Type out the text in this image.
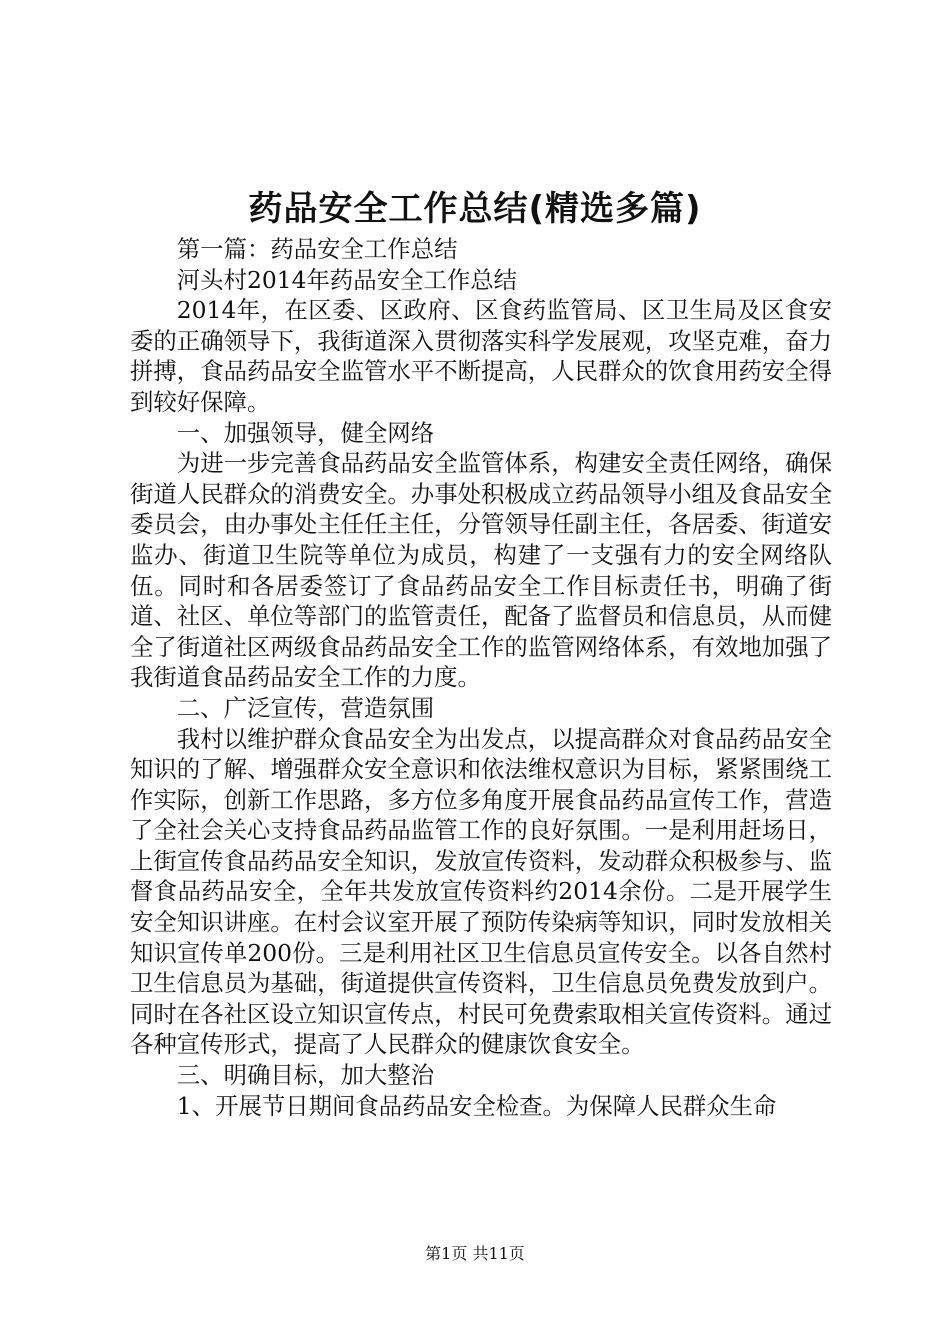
药品安全工作总结(精选多篇)

第一篇：药品安全工作总结

河头村2014年药品安全工作总结

2014年，在区委、区政府、区食药监管局、区卫生局及区食安委的正确领导下，我街道深入贯彻落实科学发展观，攻坚克难，奋力拼搏，食品药品安全监管水平不断提高，人民群众的饮食用药安全得到较好保障。

一、加强领导，健全网络

为进一步完善食品药品安全监管体系，构建安全责任网络，确保街道人民群众的消费安全。办事处积极成立药品领导小组及食品安全委员会，由办事处主任任主任，分管领导任副主任，各居委、街道安监办、街道卫生院等单位为成员，构建了一支强有力的安全网络队伍。同时和各居委签订了食品药品安全工作目标责任书，明确了街道、社区、单位等部门的监管责任，配备了监督员和信息员，从而健全了街道社区两级食品药品安全工作的监管网络体系，有效地加强了我街道食品药品安全工作的力度。

二、广泛宣传，营造氛围

我村以维护群众食品安全为出发点，以提高群众对食品药品安全知识的了解、增强群众安全意识和依法维权意识为目标，紧紧围绕工作实际，创新工作思路，多方位多角度开展食品药品宣传工作，营造了全社会关心支持食品药品监管工作的良好氛围。一是利用赶场日，上街宣传食品药品安全知识，发放宣传资料，发动群众积极参与、监督食品药品安全，全年共发放宣传资料约2014余份。二是开展学生安全知识讲座。在村会议室开展了预防传染病等知识，同时发放相关知识宣传单200份。三是利用社区卫生信息员宣传安全。以各自然村卫生信息员为基础，街道提供宣传资料，卫生信息员免费发放到户。同时在各社区设立知识宣传点，村民可免费索取相关宣传资料。通过各种宣传形式，提高了人民群众的健康饮食安全。

三、明确目标，加大整治

1、开展节日期间食品药品安全检查。为保障人民群众生命

第1页 共11页
